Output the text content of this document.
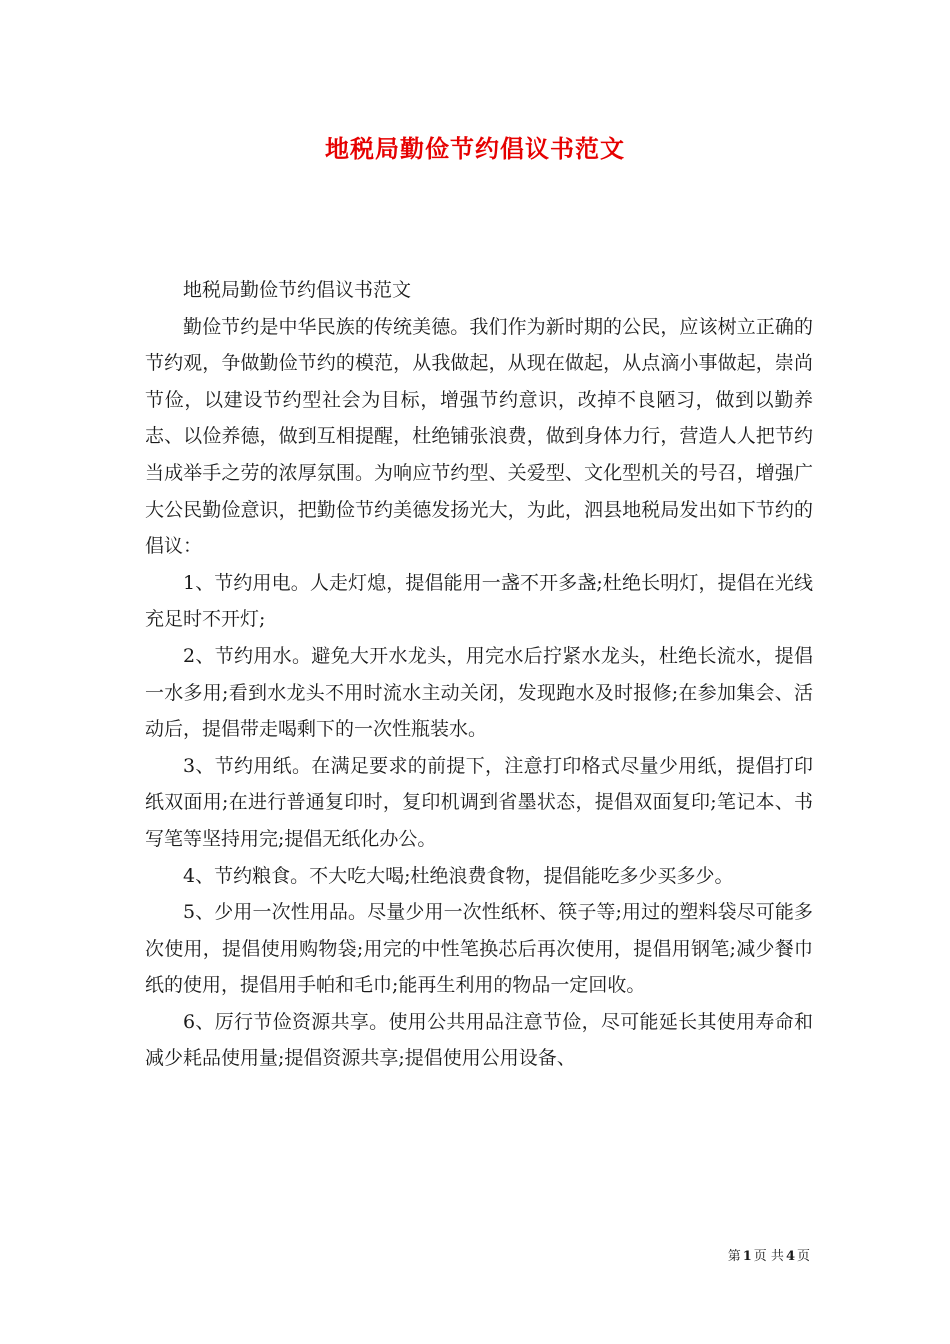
地税局勤俭节约倡议书范文

地税局勤俭节约倡议书范文

勤俭节约是中华民族的传统美德。我们作为新时期的公民，应该树立正确的节约观，争做勤俭节约的模范，从我做起，从现在做起，从点滴小事做起，崇尚节俭，以建设节约型社会为目标，增强节约意识，改掉不良陋习，做到以勤养志、以俭养德，做到互相提醒，杜绝铺张浪费，做到身体力行，营造人人把节约当成举手之劳的浓厚氛围。为响应节约型、关爱型、文化型机关的号召，增强广大公民勤俭意识，把勤俭节约美德发扬光大，为此，泗县地税局发出如下节约的倡议：

1、节约用电。人走灯熄，提倡能用一盏不开多盏;杜绝长明灯，提倡在光线充足时不开灯;

2、节约用水。避免大开水龙头，用完水后拧紧水龙头，杜绝长流水，提倡一水多用;看到水龙头不用时流水主动关闭，发现跑水及时报修;在参加集会、活动后，提倡带走喝剩下的一次性瓶装水。

3、节约用纸。在满足要求的前提下，注意打印格式尽量少用纸，提倡打印纸双面用;在进行普通复印时，复印机调到省墨状态，提倡双面复印;笔记本、书写笔等坚持用完;提倡无纸化办公。

4、节约粮食。不大吃大喝;杜绝浪费食物，提倡能吃多少买多少。

5、少用一次性用品。尽量少用一次性纸杯、筷子等;用过的塑料袋尽可能多次使用，提倡使用购物袋;用完的中性笔换芯后再次使用，提倡用钢笔;减少餐巾纸的使用，提倡用手帕和毛巾;能再生利用的物品一定回收。

6、厉行节俭资源共享。使用公共用品注意节俭，尽可能延长其使用寿命和减少耗品使用量;提倡资源共享;提倡使用公用设备、

第 1 页 共 4 页
